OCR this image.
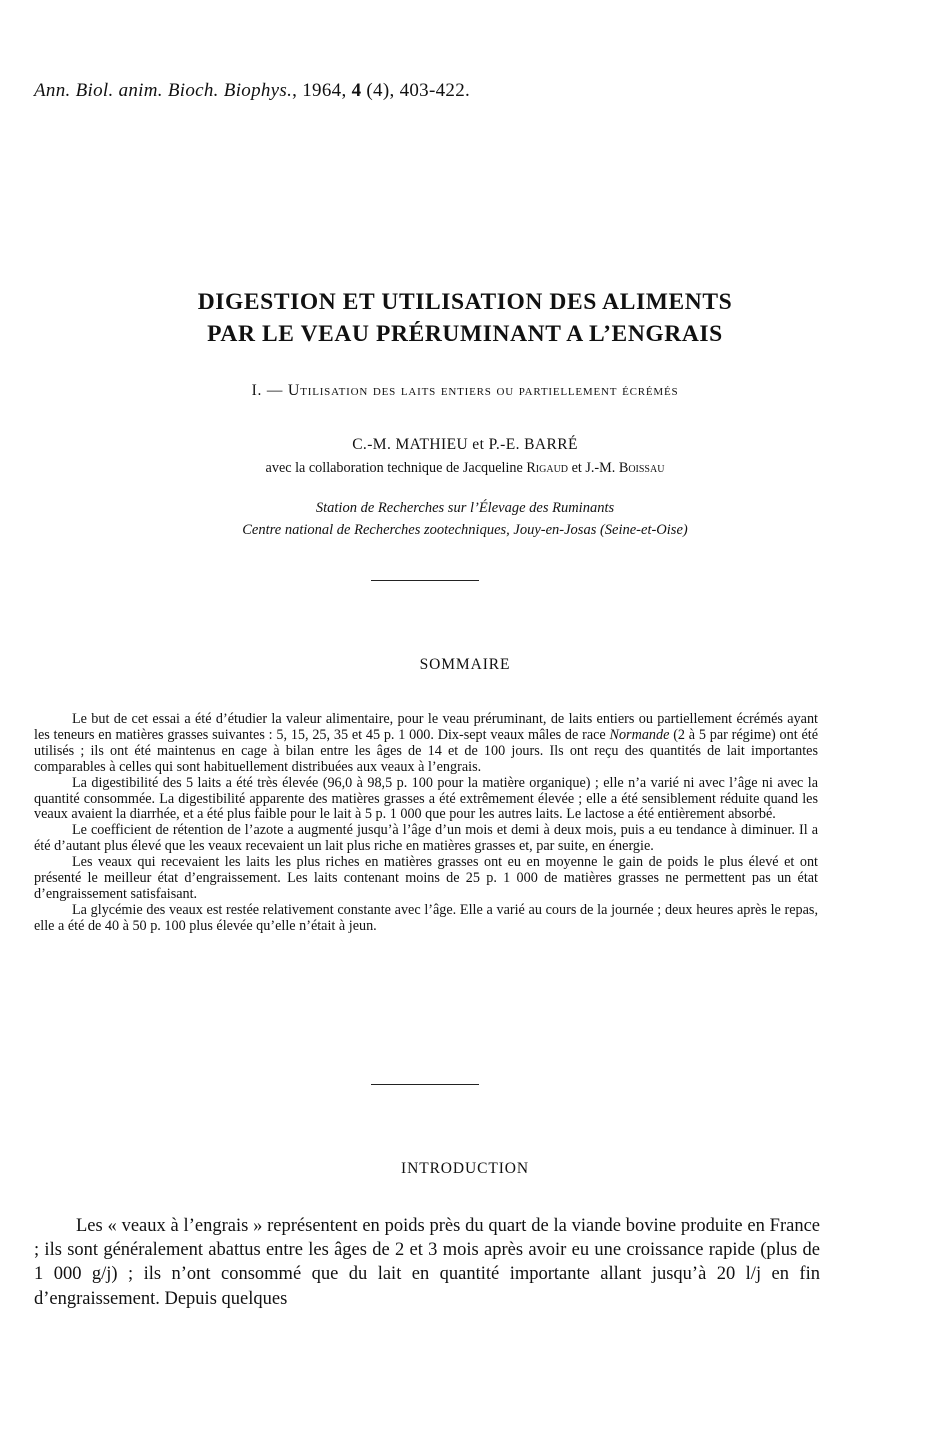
Ann. Biol. anim. Bioch. Biophys., 1964, 4 (4), 403-422.
DIGESTION ET UTILISATION DES ALIMENTS
PAR LE VEAU PRÉRUMINANT A L’ENGRAIS
I. — Utilisation des laits entiers ou partiellement écrémés
C.-M. MATHIEU et P.-E. BARRÉ
avec la collaboration technique de Jacqueline Rigaud et J.-M. Boissau
Station de Recherches sur l’Élevage des Ruminants
Centre national de Recherches zootechniques, Jouy-en-Josas (Seine-et-Oise)
SOMMAIRE

Le but de cet essai a été d’étudier la valeur alimentaire, pour le veau préruminant, de laits entiers ou partiellement écrémés ayant les teneurs en matières grasses suivantes : 5, 15, 25, 35 et 45 p. 1 000. Dix-sept veaux mâles de race Normande (2 à 5 par régime) ont été utilisés ; ils ont été maintenus en cage à bilan entre les âges de 14 et de 100 jours. Ils ont reçu des quantités de lait importantes comparables à celles qui sont habituellement distribuées aux veaux à l’engrais.

La digestibilité des 5 laits a été très élevée (96,0 à 98,5 p. 100 pour la matière organique) ; elle n’a varié ni avec l’âge ni avec la quantité consommée. La digestibilité apparente des matières grasses a été extrêmement élevée ; elle a été sensiblement réduite quand les veaux avaient la diarrhée, et a été plus faible pour le lait à 5 p. 1 000 que pour les autres laits. Le lactose a été entièrement absorbé.

Le coefficient de rétention de l’azote a augmenté jusqu’à l’âge d’un mois et demi à deux mois, puis a eu tendance à diminuer. Il a été d’autant plus élevé que les veaux recevaient un lait plus riche en matières grasses et, par suite, en énergie.

Les veaux qui recevaient les laits les plus riches en matières grasses ont eu en moyenne le gain de poids le plus élevé et ont présenté le meilleur état d’engraissement. Les laits contenant moins de 25 p. 1 000 de matières grasses ne permettent pas un état d’engraissement satisfaisant.

La glycémie des veaux est restée relativement constante avec l’âge. Elle a varié au cours de la journée ; deux heures après le repas, elle a été de 40 à 50 p. 100 plus élevée qu’elle n’était à jeun.

INTRODUCTION

Les « veaux à l’engrais » représentent en poids près du quart de la viande bovine produite en France ; ils sont généralement abattus entre les âges de 2 et 3 mois après avoir eu une croissance rapide (plus de 1 000 g/j) ; ils n’ont consommé que du lait en quantité importante allant jusqu’à 20 l/j en fin d’engraissement. Depuis quelques
